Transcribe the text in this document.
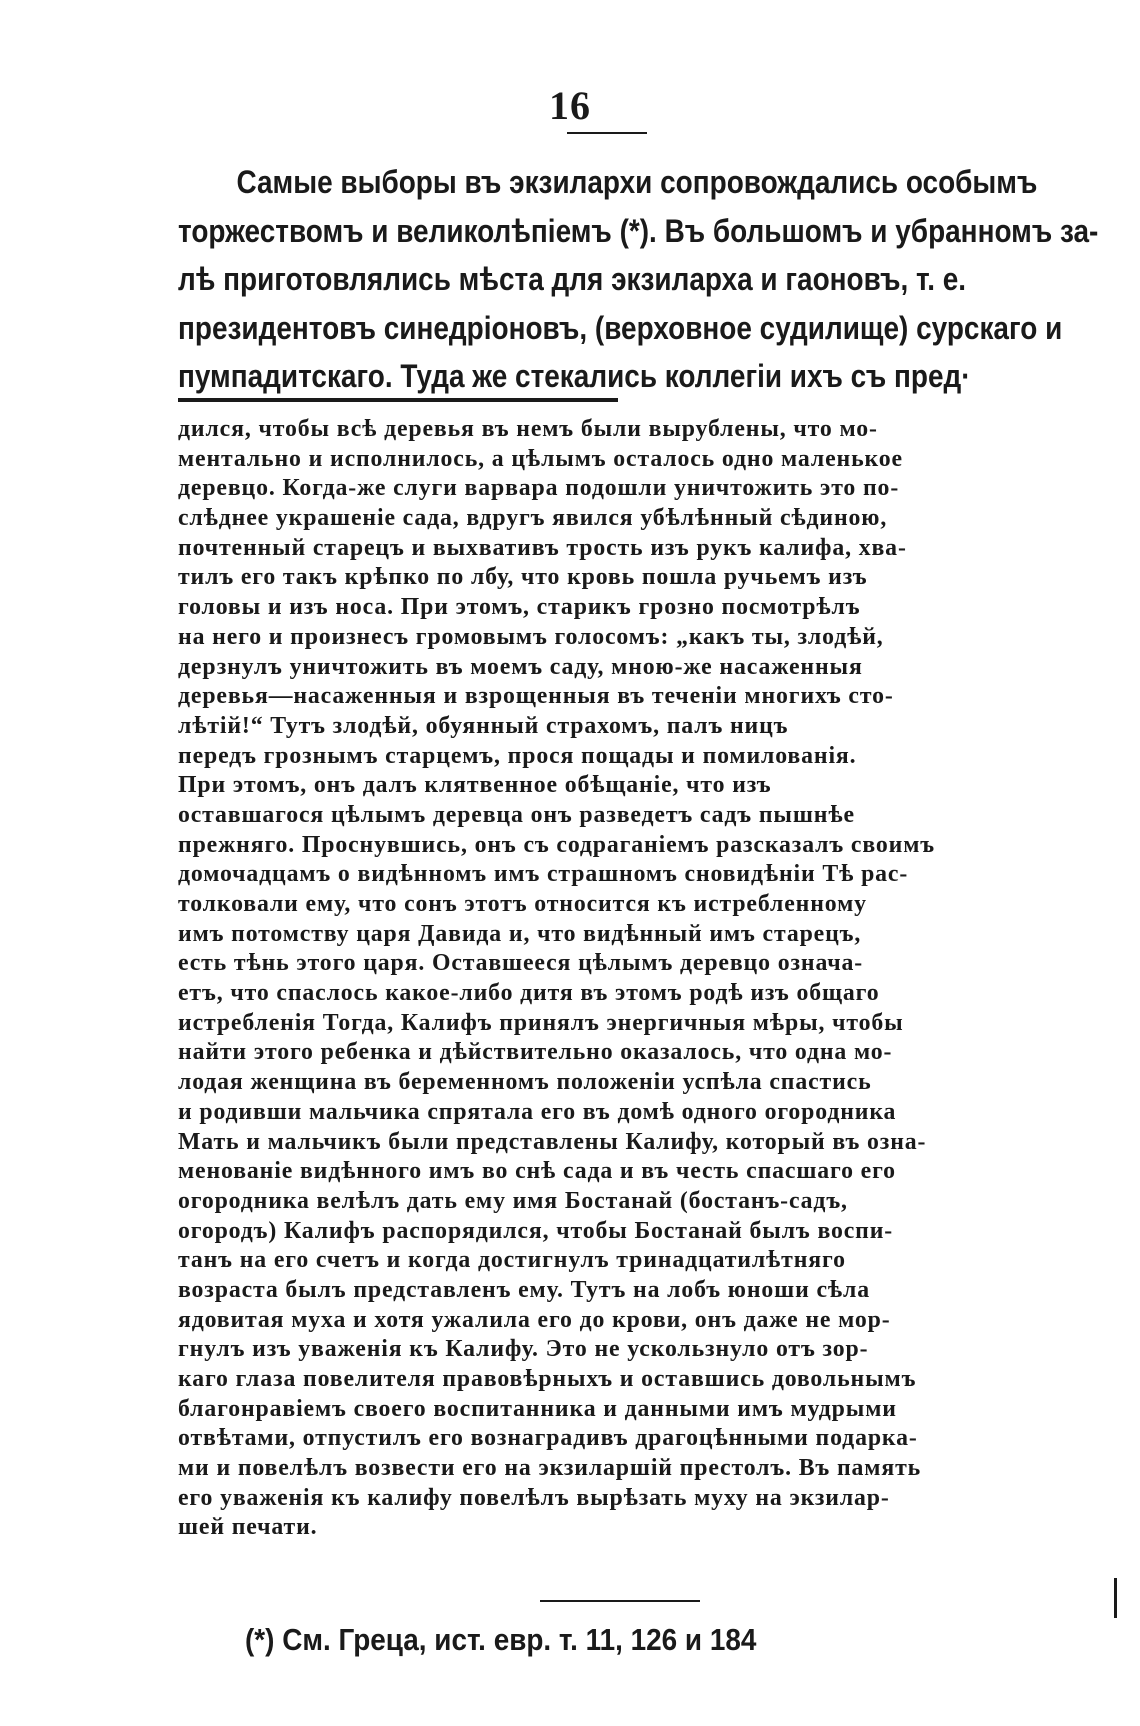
16
Самые выборы въ экзилархи сопровождались особымъ
торжествомъ и великолѣпіемъ (*). Въ большомъ и убранномъ за-
лѣ приготовлялись мѣста для экзиларха и гаоновъ, т. е.
президентовъ синедріоновъ, (верховное судилище) сурскаго и
пумпадитскаго. Туда же стекались коллегіи ихъ съ пред·
дился, чтобы всѣ деревья въ немъ были вырублены, что мо-
ментально и исполнилось, а цѣлымъ осталось одно маленькое
деревцо. Когда-же слуги варвара подошли уничтожить это по-
слѣднее украшеніе сада, вдругъ явился убѣлѣнный сѣдиною,
почтенный старецъ и выхвативъ трость изъ рукъ калифа, хва-
тилъ его такъ крѣпко по лбу, что кровь пошла ручьемъ изъ
головы и изъ носа. При этомъ, старикъ грозно посмотрѣлъ
на него и произнесъ громовымъ голосомъ: „какъ ты, злодѣй,
дерзнулъ уничтожить въ моемъ саду, мною-же насаженныя
деревья—насаженныя и взрощенныя въ теченіи многихъ сто-
лѣтій!“ Тутъ злодѣй, обуянный страхомъ, палъ ницъ
передъ грознымъ старцемъ, прося пощады и помилованія.
При этомъ, онъ далъ клятвенное обѣщаніе, что изъ
оставшагося цѣлымъ деревца онъ разведетъ садъ пышнѣе
прежняго. Проснувшись, онъ съ содраганіемъ разсказалъ своимъ
домочадцамъ о видѣнномъ имъ страшномъ сновидѣніи Тѣ рас-
толковали ему, что сонъ этотъ относится къ истребленному
имъ потомству царя Давида и, что видѣнный имъ старецъ,
есть тѣнь этого царя. Оставшееся цѣлымъ деревцо означа-
етъ, что спаслось какое-либо дитя въ этомъ родѣ изъ общаго
истребленія Тогда, Калифъ принялъ энергичныя мѣры, чтобы
найти этого ребенка и дѣйствительно оказалось, что одна мо-
лодая женщина въ беременномъ положеніи успѣла спастись
и родивши мальчика спрятала его въ домѣ одного огородника
Мать и мальчикъ были представлены Калифу, который въ озна-
менованіе видѣнного имъ во снѣ сада и въ честь спасшаго его
огородника велѣлъ дать ему имя Бостанай (бостанъ-садъ,
огородъ) Калифъ распорядился, чтобы Бостанай былъ воспи-
танъ на его счетъ и когда достигнулъ тринадцатилѣтняго
возраста былъ представленъ ему. Тутъ на лобъ юноши сѣла
ядовитая муха и хотя ужалила его до крови, онъ даже не мор-
гнулъ изъ уваженія къ Калифу. Это не ускользнуло отъ зор-
каго глаза повелителя правовѣрныхъ и оставшись довольнымъ
благонравіемъ своего воспитанника и данными имъ мудрыми
отвѣтами, отпустилъ его вознаградивъ драгоцѣнными подарка-
ми и повелѣлъ возвести его на экзиларшій престолъ. Въ память
его уваженія къ калифу повелѣлъ вырѣзать муху на экзилар-
шей печати.
(*) См. Греца, ист. евр. т. 11, 126 и 184
